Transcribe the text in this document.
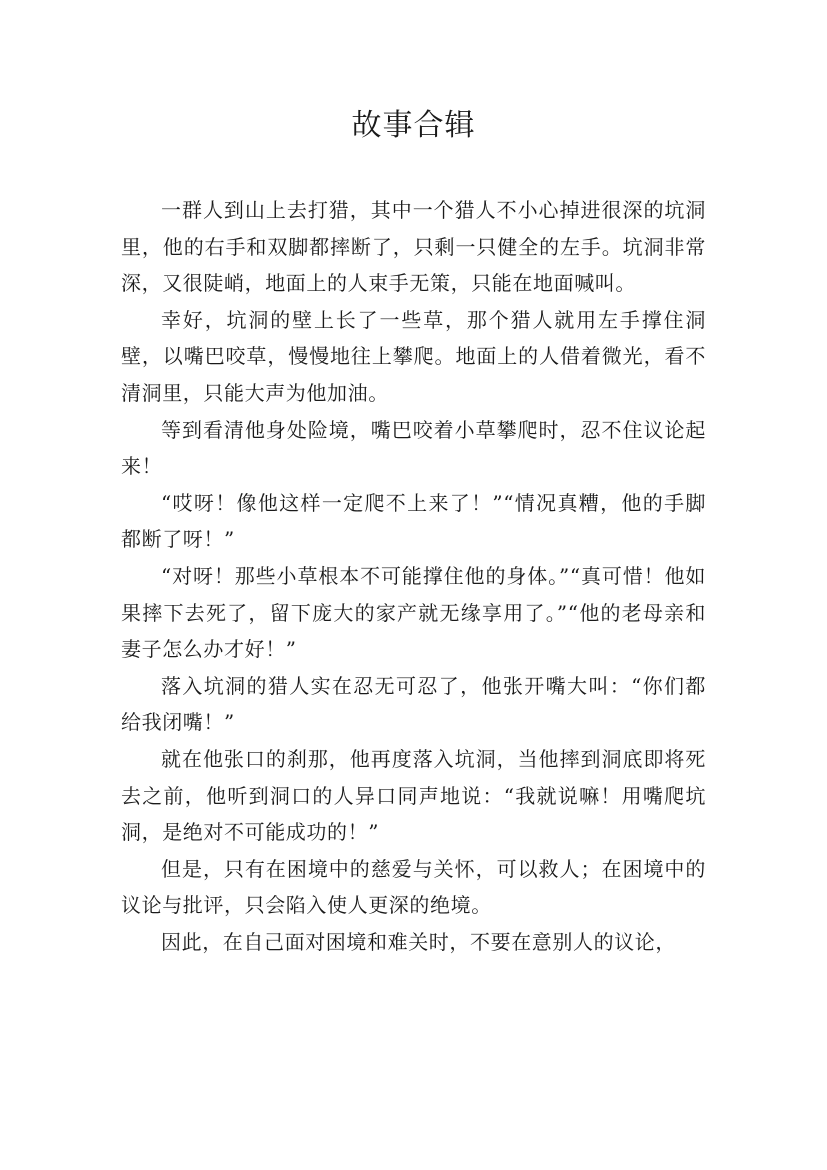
故事合辑

一群人到山上去打猎，其中一个猎人不小心掉进很深的坑洞里，他的右手和双脚都摔断了，只剩一只健全的左手。坑洞非常深，又很陡峭，地面上的人束手无策，只能在地面喊叫。

幸好，坑洞的壁上长了一些草，那个猎人就用左手撑住洞壁，以嘴巴咬草，慢慢地往上攀爬。地面上的人借着微光，看不清洞里，只能大声为他加油。

等到看清他身处险境，嘴巴咬着小草攀爬时，忍不住议论起来！

“哎呀！像他这样一定爬不上来了！”“情况真糟，他的手脚都断了呀！”

“对呀！那些小草根本不可能撑住他的身体。”“真可惜！他如果摔下去死了，留下庞大的家产就无缘享用了。”“他的老母亲和妻子怎么办才好！”

落入坑洞的猎人实在忍无可忍了，他张开嘴大叫：“你们都给我闭嘴！”

就在他张口的刹那，他再度落入坑洞，当他摔到洞底即将死去之前，他听到洞口的人异口同声地说：“我就说嘛！用嘴爬坑洞，是绝对不可能成功的！”

但是，只有在困境中的慈爱与关怀，可以救人；在困境中的议论与批评，只会陷入使人更深的绝境。

因此，在自己面对困境和难关时，不要在意别人的议论，
